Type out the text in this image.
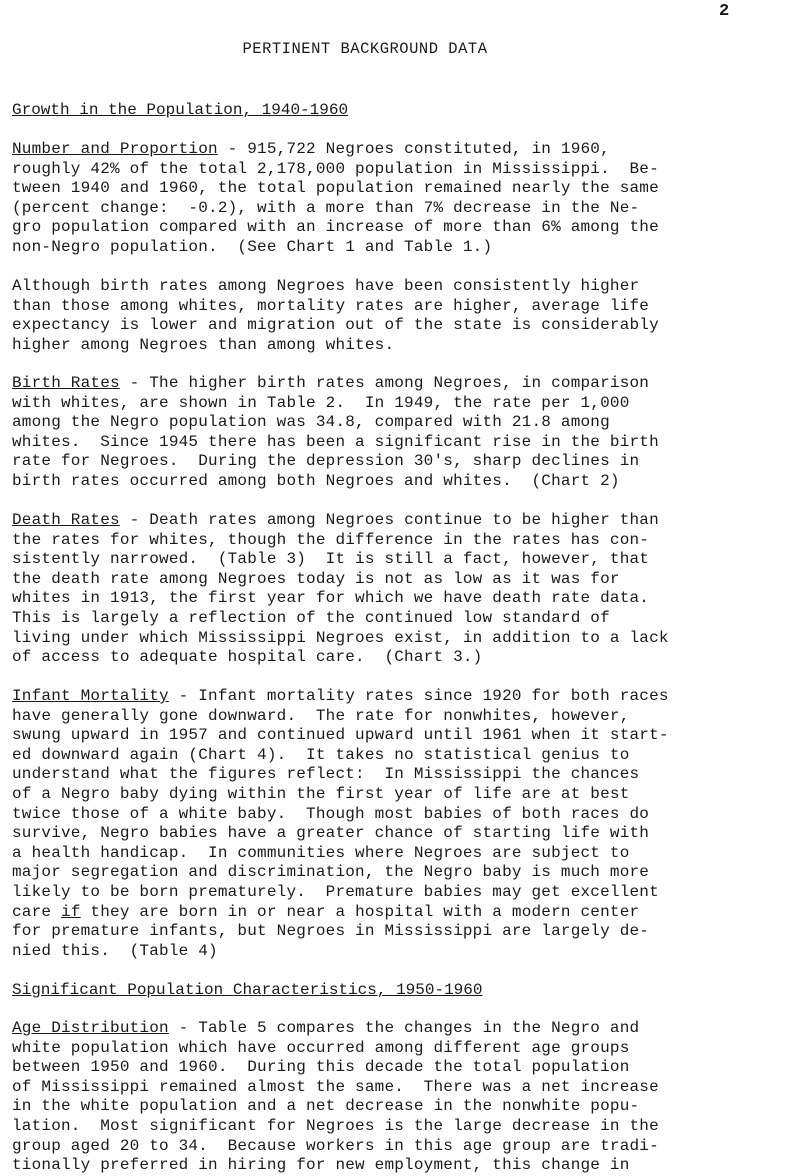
2
PERTINENT BACKGROUND DATA
Growth in the Population, 1940-1960
Number and Proportion - 915,722 Negroes constituted, in 1960,
roughly 42% of the total 2,178,000 population in Mississippi.  Be-
tween 1940 and 1960, the total population remained nearly the same
(percent change:  -0.2), with a more than 7% decrease in the Ne-
gro population compared with an increase of more than 6% among the
non-Negro population.  (See Chart 1 and Table 1.)
Although birth rates among Negroes have been consistently higher
than those among whites, mortality rates are higher, average life
expectancy is lower and migration out of the state is considerably
higher among Negroes than among whites.
Birth Rates - The higher birth rates among Negroes, in comparison
with whites, are shown in Table 2.  In 1949, the rate per 1,000
among the Negro population was 34.8, compared with 21.8 among
whites.  Since 1945 there has been a significant rise in the birth
rate for Negroes.  During the depression 30's, sharp declines in
birth rates occurred among both Negroes and whites.  (Chart 2)
Death Rates - Death rates among Negroes continue to be higher than
the rates for whites, though the difference in the rates has con-
sistently narrowed.  (Table 3)  It is still a fact, however, that
the death rate among Negroes today is not as low as it was for
whites in 1913, the first year for which we have death rate data.
This is largely a reflection of the continued low standard of
living under which Mississippi Negroes exist, in addition to a lack
of access to adequate hospital care.  (Chart 3.)
Infant Mortality - Infant mortality rates since 1920 for both races
have generally gone downward.  The rate for nonwhites, however,
swung upward in 1957 and continued upward until 1961 when it start-
ed downward again (Chart 4).  It takes no statistical genius to
understand what the figures reflect:  In Mississippi the chances
of a Negro baby dying within the first year of life are at best
twice those of a white baby.  Though most babies of both races do
survive, Negro babies have a greater chance of starting life with
a health handicap.  In communities where Negroes are subject to
major segregation and discrimination, the Negro baby is much more
likely to be born prematurely.  Premature babies may get excellent
care if they are born in or near a hospital with a modern center
for premature infants, but Negroes in Mississippi are largely de-
nied this.  (Table 4)
Significant Population Characteristics, 1950-1960
Age Distribution - Table 5 compares the changes in the Negro and
white population which have occurred among different age groups
between 1950 and 1960.  During this decade the total population
of Mississippi remained almost the same.  There was a net increase
in the white population and a net decrease in the nonwhite popu-
lation.  Most significant for Negroes is the large decrease in the
group aged 20 to 34.  Because workers in this age group are tradi-
tionally preferred in hiring for new employment, this change in
